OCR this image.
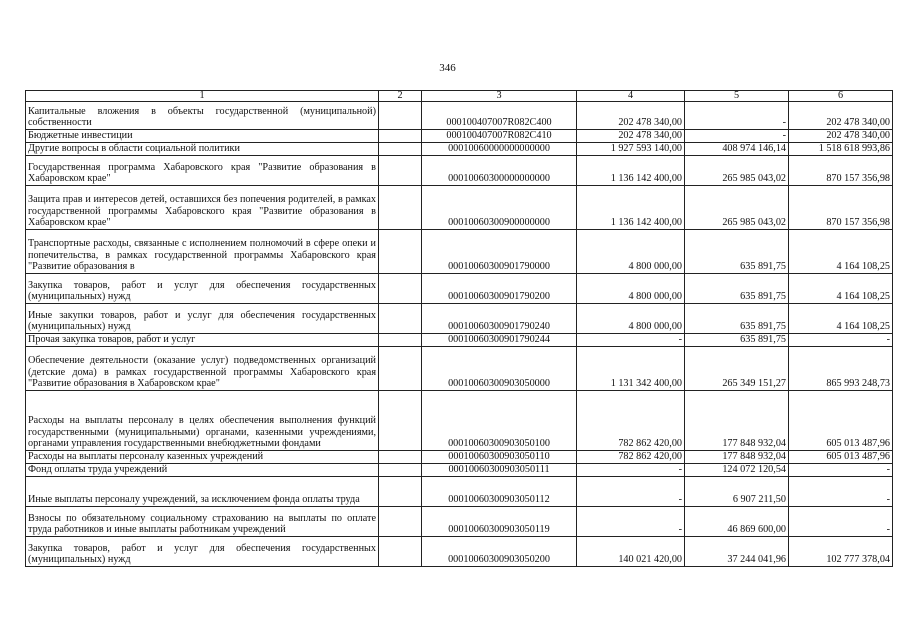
346
1	2	3	4	5	6
Капитальные вложения в объекты государственной (муниципальной) собственности		000100407007R082C400	202 478 340,00	-	202 478 340,00
Бюджетные инвестиции		000100407007R082C410	202 478 340,00	-	202 478 340,00
Другие вопросы в области социальной политики		00010060000000000000	1 927 593 140,00	408 974 146,14	1 518 618 993,86
Государственная программа Хабаровского края "Развитие образования в Хабаровском крае"		00010060300000000000	1 136 142 400,00	265 985 043,02	870 157 356,98
Защита прав и интересов детей, оставшихся без попечения родителей, в рамках государственной программы Хабаровского края "Развитие образования в Хабаровском крае"		00010060300900000000	1 136 142 400,00	265 985 043,02	870 157 356,98
Транспортные расходы, связанные с исполнением полномочий в сфере опеки и попечительства, в рамках государственной программы Хабаровского края "Развитие образования в		00010060300901790000	4 800 000,00	635 891,75	4 164 108,25
Закупка товаров, работ и услуг для обеспечения государственных (муниципальных) нужд		00010060300901790200	4 800 000,00	635 891,75	4 164 108,25
Иные закупки товаров, работ и услуг для обеспечения государственных (муниципальных) нужд		00010060300901790240	4 800 000,00	635 891,75	4 164 108,25
Прочая закупка товаров, работ и услуг		00010060300901790244	-	635 891,75	-
Обеспечение деятельности (оказание услуг) подведомственных организаций (детские дома) в рамках государственной программы Хабаровского края "Развитие образования в Хабаровском крае"		00010060300903050000	1 131 342 400,00	265 349 151,27	865 993 248,73
Расходы на выплаты персоналу в целях обеспечения выполнения функций государственными (муниципальными) органами, казенными учреждениями, органами управления государственными внебюджетными фондами		00010060300903050100	782 862 420,00	177 848 932,04	605 013 487,96
Расходы на выплаты персоналу казенных учреждений		00010060300903050110	782 862 420,00	177 848 932,04	605 013 487,96
Фонд оплаты труда учреждений		00010060300903050111	-	124 072 120,54	-
Иные выплаты персоналу учреждений, за исключением фонда оплаты труда		00010060300903050112	-	6 907 211,50	-
Взносы по обязательному социальному страхованию на выплаты по оплате труда работников и иные выплаты работникам учреждений		00010060300903050119	-	46 869 600,00	-
Закупка товаров, работ и услуг для обеспечения государственных (муниципальных) нужд		00010060300903050200	140 021 420,00	37 244 041,96	102 777 378,04
